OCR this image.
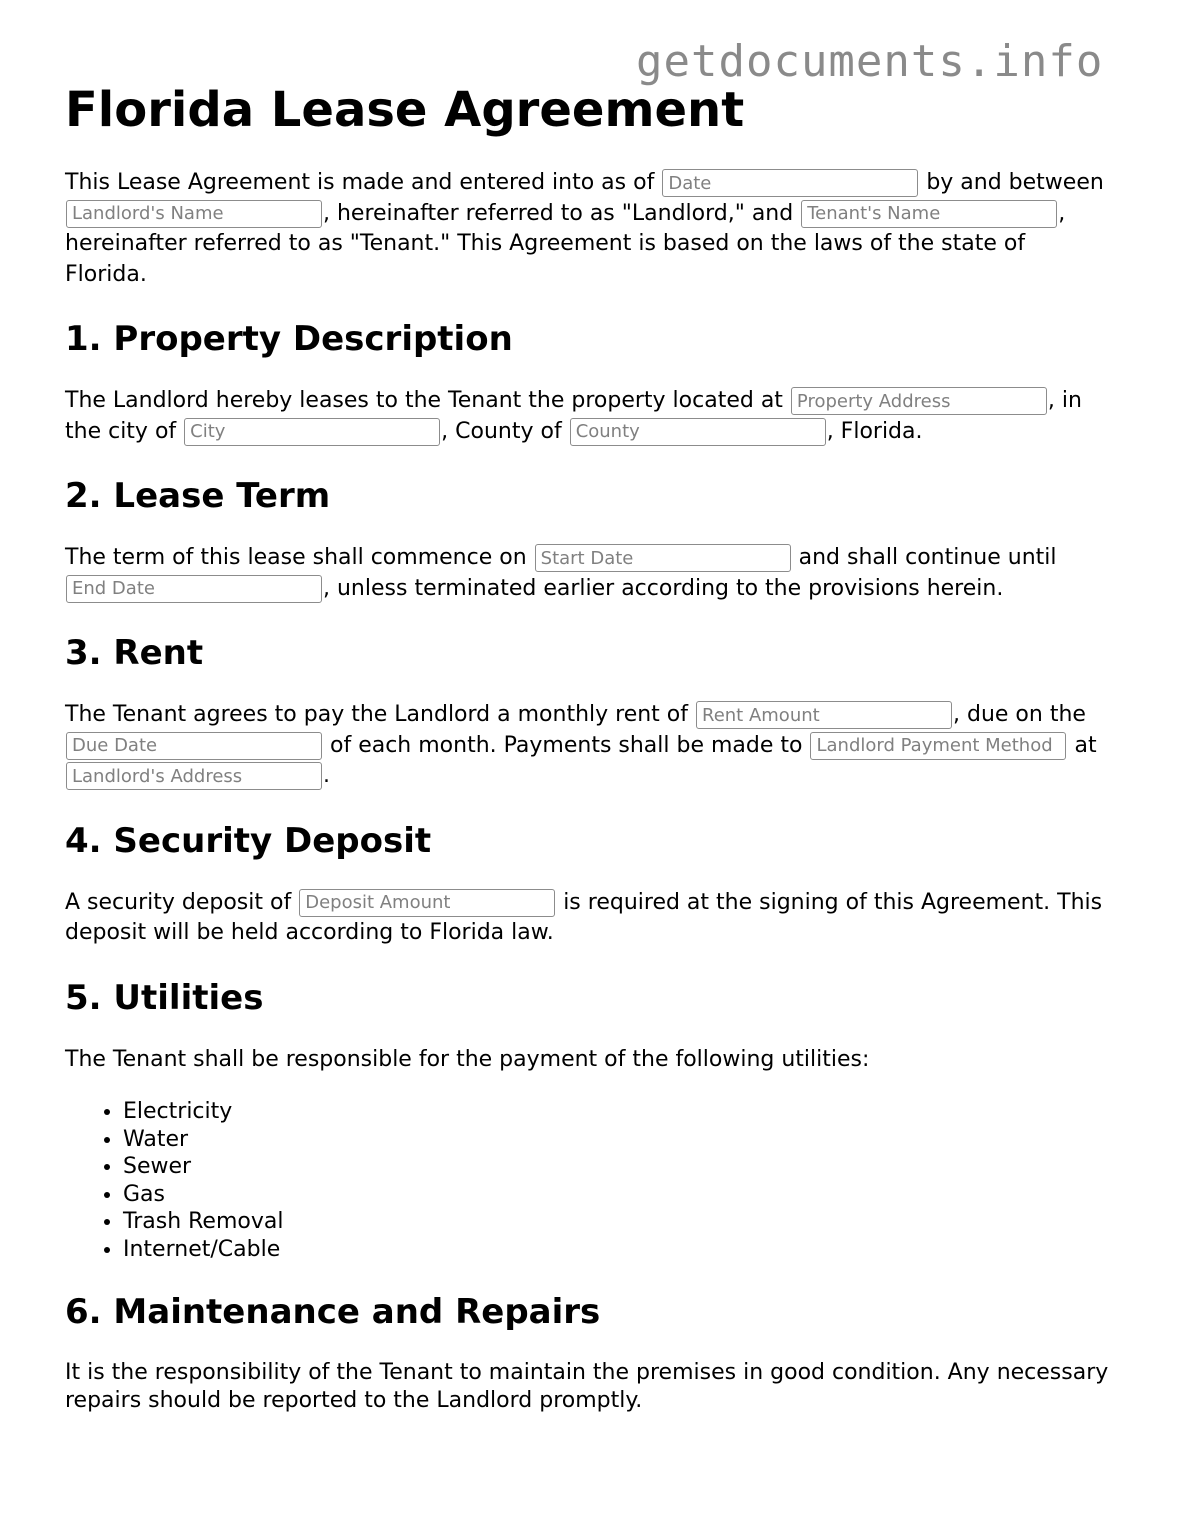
getdocuments.info
Florida Lease Agreement

This Lease Agreement is made and entered into as of Date	by and between Landlord's Name, hereinafter referred to as "Landlord," and Tenant's Name	, hereinafter referred to as "Tenant." This Agreement is based on the laws of the state of Florida.

1. Property Description

The Landlord hereby leases to the Tenant the property located at Property Address	, in the city of City	, County of County	, Florida.

2. Lease Term

The term of this lease shall commence on Start Date	and shall continue until End Date, unless terminated earlier according to the provisions herein.

3. Rent

The Tenant agrees to pay the Landlord a monthly rent of Rent Amount	, due on the Due Date of each month. Payments shall be made to Landlord Payment Method	at Landlord's Address.

4. Security Deposit

A security deposit of Deposit Amount	is required at the signing of this Agreement. This deposit will be held according to Florida law.

5. Utilities

The Tenant shall be responsible for the payment of the following utilities:

• Electricity
• Water
• Sewer
• Gas
• Trash Removal
• Internet/Cable
6. Maintenance and Repairs

It is the responsibility of the Tenant to maintain the premises in good condition. Any necessary repairs should be reported to the Landlord promptly.
